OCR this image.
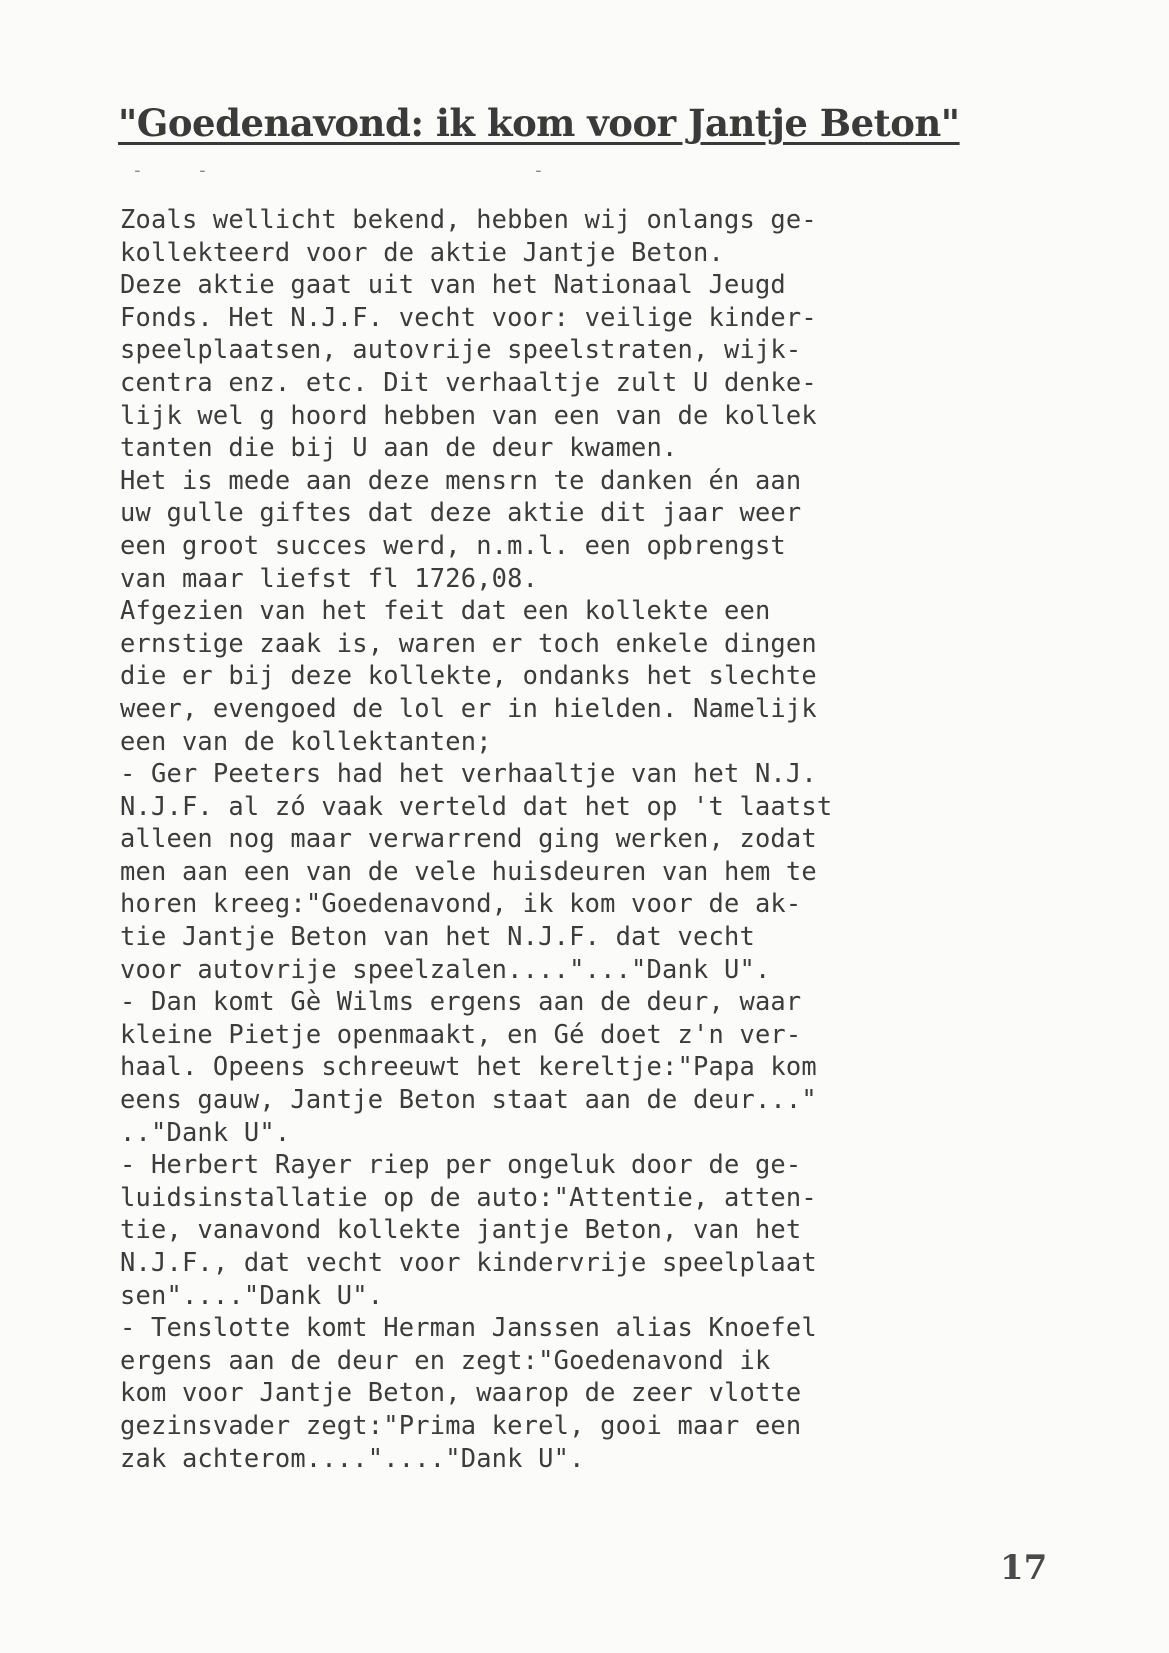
"Goedenavond: ik kom voor Jantje Beton"
-     -                              -
Zoals wellicht bekend, hebben wij onlangs ge-
kollekteerd voor de aktie Jantje Beton.
Deze aktie gaat uit van het Nationaal Jeugd
Fonds. Het N.J.F. vecht voor: veilige kinder-
speelplaatsen, autovrije speelstraten, wijk-
centra enz. etc. Dit verhaaltje zult U denke-
lijk wel g hoord hebben van een van de kollek
tanten die bij U aan de deur kwamen.
Het is mede aan deze mensrn te danken én aan
uw gulle giftes dat deze aktie dit jaar weer
een groot succes werd, n.m.l. een opbrengst
van maar liefst fl 1726,08.
Afgezien van het feit dat een kollekte een
ernstige zaak is, waren er toch enkele dingen
die er bij deze kollekte, ondanks het slechte
weer, evengoed de lol er in hielden. Namelijk
een van de kollektanten;
- Ger Peeters had het verhaaltje van het N.J.
N.J.F. al zó vaak verteld dat het op 't laatst
alleen nog maar verwarrend ging werken, zodat
men aan een van de vele huisdeuren van hem te
horen kreeg:"Goedenavond, ik kom voor de ak-
tie Jantje Beton van het N.J.F. dat vecht
voor autovrije speelzalen...."..."Dank U".
- Dan komt Gè Wilms ergens aan de deur, waar
kleine Pietje openmaakt, en Gé doet z'n ver-
haal. Opeens schreeuwt het kereltje:"Papa kom
eens gauw, Jantje Beton staat aan de deur..."
.."Dank U".
- Herbert Rayer riep per ongeluk door de ge-
luidsinstallatie op de auto:"Attentie, atten-
tie, vanavond kollekte jantje Beton, van het
N.J.F., dat vecht voor kindervrije speelplaat
sen"...."Dank U".
- Tenslotte komt Herman Janssen alias Knoefel
ergens aan de deur en zegt:"Goedenavond ik
kom voor Jantje Beton, waarop de zeer vlotte
gezinsvader zegt:"Prima kerel, gooi maar een
zak achterom...."...."Dank U".
17
